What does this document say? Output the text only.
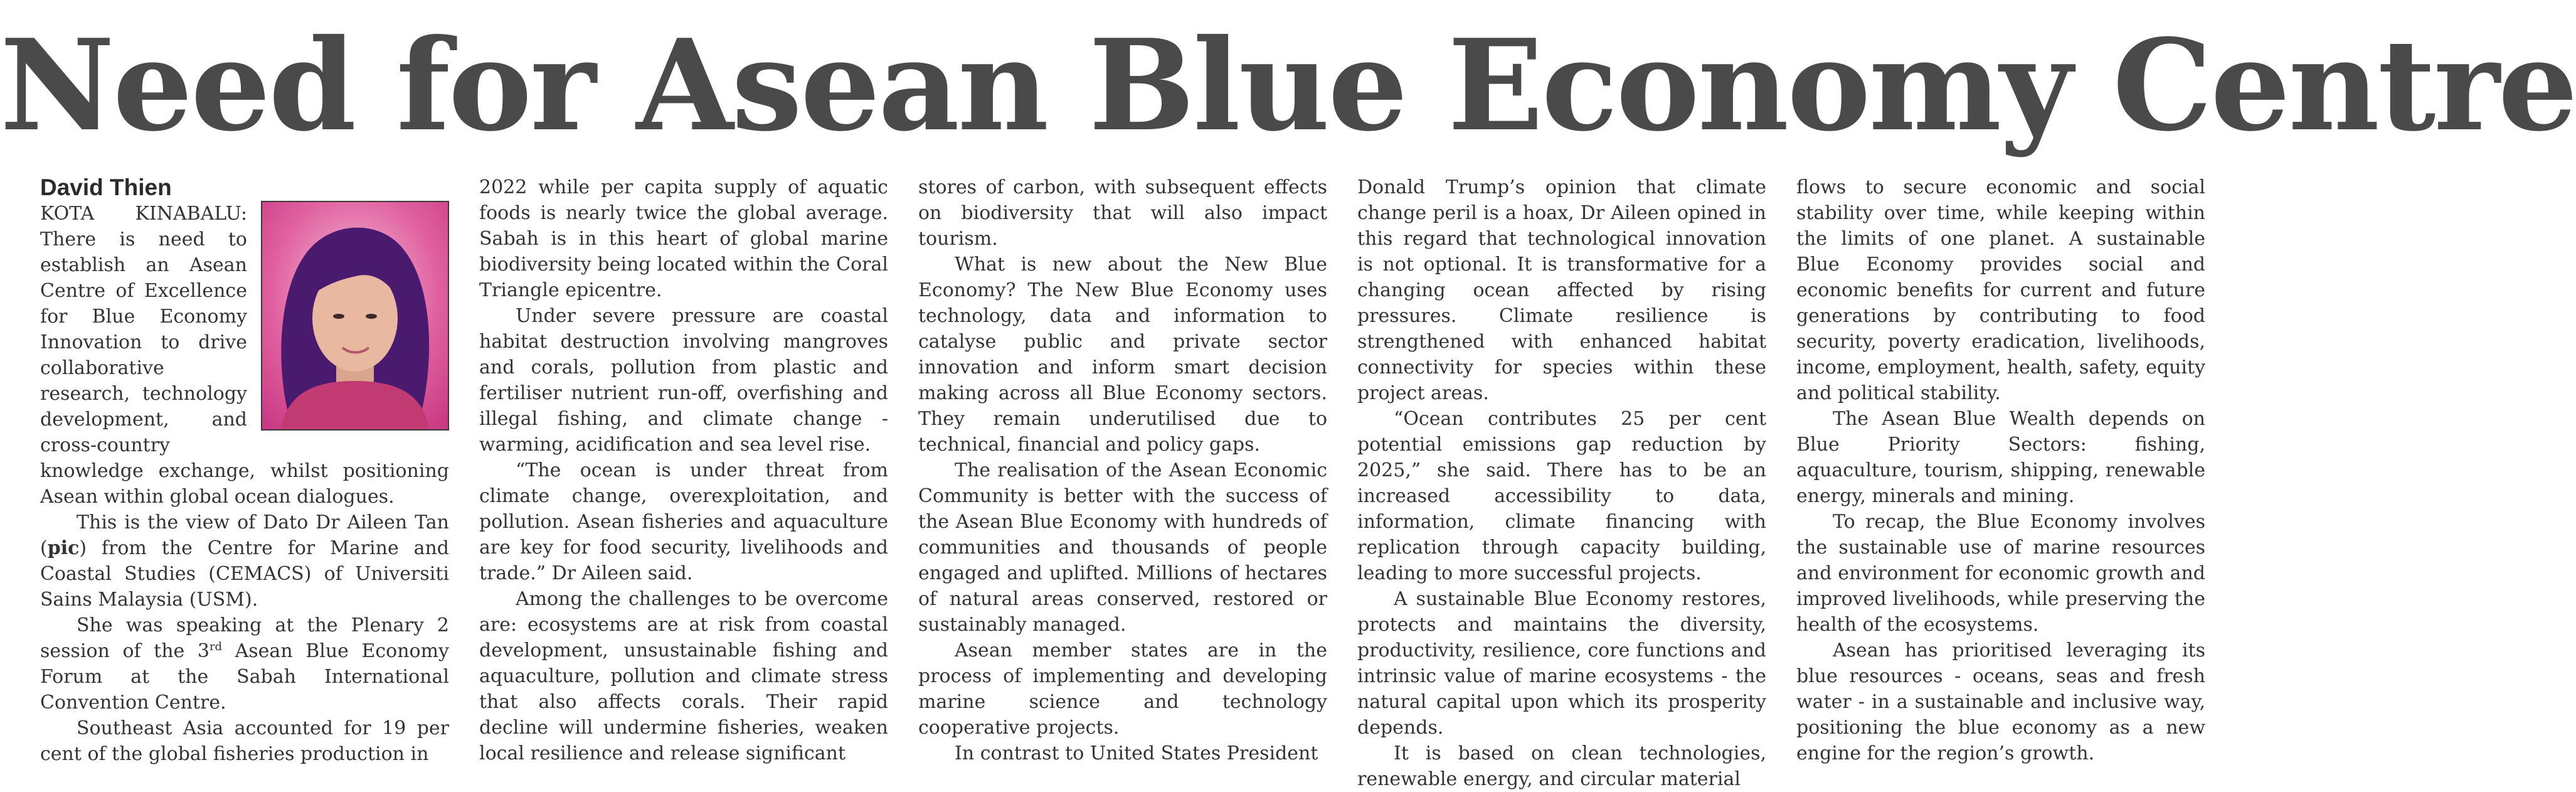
Need for Asean Blue Economy Centre
David Thien

KOTA KINABALU: There is need to establish an Asean Centre of Excellence for Blue Economy Innovation to drive collaborative research, technology development, and cross-country knowledge exchange, whilst positioning Asean within global ocean dialogues.

This is the view of Dato Dr Aileen Tan (pic) from the Centre for Marine and Coastal Studies (CEMACS) of Universiti Sains Malaysia (USM).

She was speaking at the Plenary 2 session of the 3rd Asean Blue Economy Forum at the Sabah International Convention Centre.

Southeast Asia accounted for 19 per cent of the global fisheries production in

2022 while per capita supply of aquatic foods is nearly twice the global average. Sabah is in this heart of global marine biodiversity being located within the Coral Triangle epicentre.

Under severe pressure are coastal habitat destruction involving mangroves and corals, pollution from plastic and fertiliser nutrient run-off, overfishing and illegal fishing, and climate change - warming, acidification and sea level rise.

“The ocean is under threat from climate change, overexploitation, and pollution. Asean fisheries and aquaculture are key for food security, livelihoods and trade.” Dr Aileen said.

Among the challenges to be overcome are: ecosystems are at risk from coastal development, unsustainable fishing and aquaculture, pollution and climate stress that also affects corals. Their rapid decline will undermine fisheries, weaken local resilience and release significant

stores of carbon, with subsequent effects on biodiversity that will also impact tourism.

What is new about the New Blue Economy? The New Blue Economy uses technology, data and information to catalyse public and private sector innovation and inform smart decision making across all Blue Economy sectors. They remain underutilised due to technical, financial and policy gaps.

The realisation of the Asean Economic Community is better with the success of the Asean Blue Economy with hundreds of communities and thousands of people engaged and uplifted. Millions of hectares of natural areas conserved, restored or sustainably managed.

Asean member states are in the process of implementing and developing marine science and technology cooperative projects.

In contrast to United States President

Donald Trump’s opinion that climate change peril is a hoax, Dr Aileen opined in this regard that technological innovation is not optional. It is transformative for a changing ocean affected by rising pressures. Climate resilience is strengthened with enhanced habitat connectivity for species within these project areas.

“Ocean contributes 25 per cent potential emissions gap reduction by 2025,” she said. There has to be an increased accessibility to data, information, climate financing with replication through capacity building, leading to more successful projects.

A sustainable Blue Economy restores, protects and maintains the diversity, productivity, resilience, core functions and intrinsic value of marine ecosystems - the natural capital upon which its prosperity depends.

It is based on clean technologies, renewable energy, and circular material

flows to secure economic and social stability over time, while keeping within the limits of one planet. A sustainable Blue Economy provides social and economic benefits for current and future generations by contributing to food security, poverty eradication, livelihoods, income, employment, health, safety, equity and political stability.

The Asean Blue Wealth depends on Blue Priority Sectors: fishing, aquaculture, tourism, shipping, renewable energy, minerals and mining.

To recap, the Blue Economy involves the sustainable use of marine resources and environment for economic growth and improved livelihoods, while preserving the health of the ecosystems.

Asean has prioritised leveraging its blue resources - oceans, seas and fresh water - in a sustainable and inclusive way, positioning the blue economy as a new engine for the region’s growth.
